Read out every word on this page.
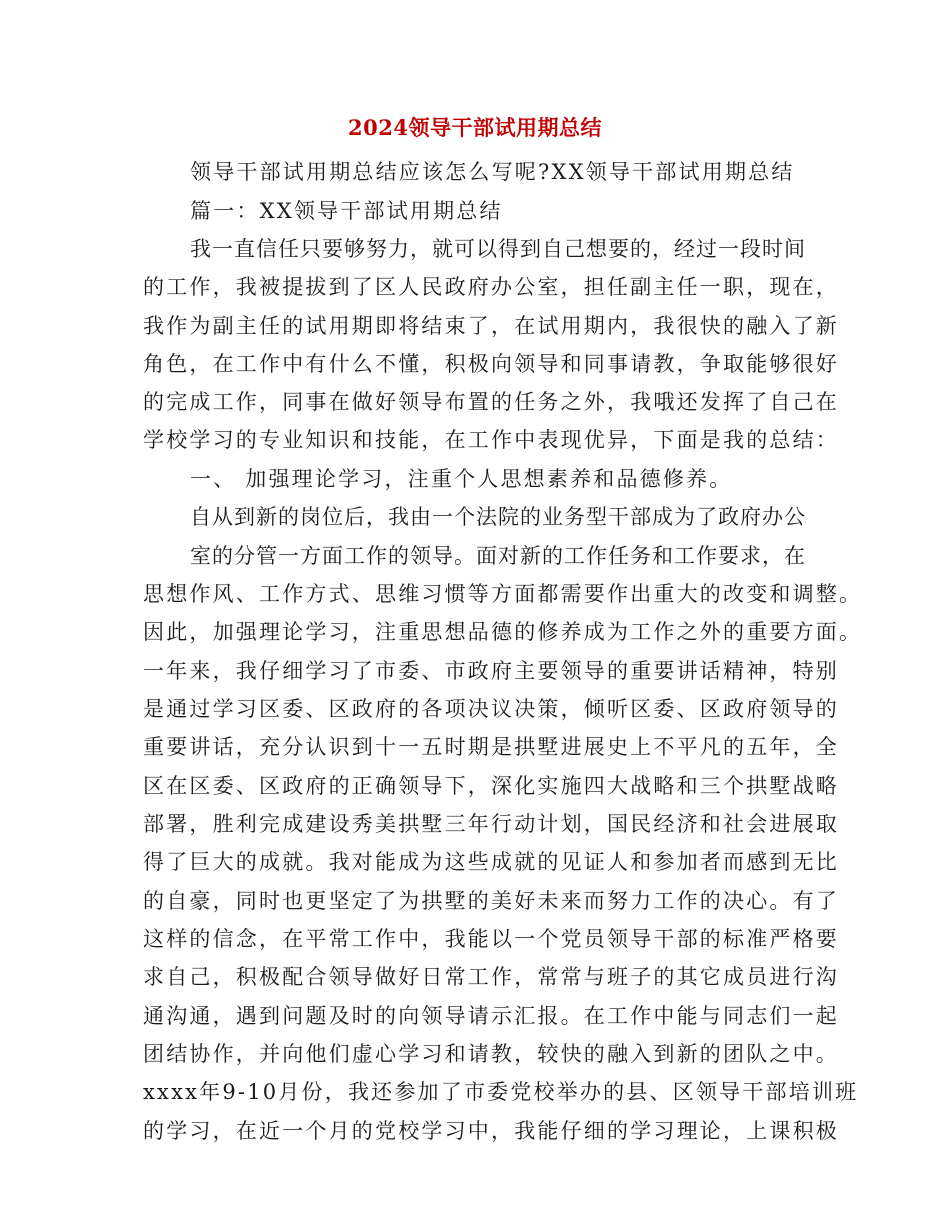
2024领导干部试用期总结
领导干部试用期总结应该怎么写呢?XX领导干部试用期总结
篇一：XX领导干部试用期总结
我一直信任只要够努力，就可以得到自己想要的，经过一段时间
的工作，我被提拔到了区人民政府办公室，担任副主任一职，现在，
我作为副主任的试用期即将结束了，在试用期内，我很快的融入了新
角色，在工作中有什么不懂，积极向领导和同事请教，争取能够很好
的完成工作，同事在做好领导布置的任务之外，我哦还发挥了自己在
学校学习的专业知识和技能，在工作中表现优异，下面是我的总结：
一、 加强理论学习，注重个人思想素养和品德修养。
自从到新的岗位后，我由一个法院的业务型干部成为了政府办公
室的分管一方面工作的领导。面对新的工作任务和工作要求，在
思想作风、工作方式、思维习惯等方面都需要作出重大的改变和调整。
因此，加强理论学习，注重思想品德的修养成为工作之外的重要方面。
一年来，我仔细学习了市委、市政府主要领导的重要讲话精神，特别
是通过学习区委、区政府的各项决议决策，倾听区委、区政府领导的
重要讲话，充分认识到十一五时期是拱墅进展史上不平凡的五年，全
区在区委、区政府的正确领导下，深化实施四大战略和三个拱墅战略
部署，胜利完成建设秀美拱墅三年行动计划，国民经济和社会进展取
得了巨大的成就。我对能成为这些成就的见证人和参加者而感到无比
的自豪，同时也更坚定了为拱墅的美好未来而努力工作的决心。有了
这样的信念，在平常工作中，我能以一个党员领导干部的标准严格要
求自己，积极配合领导做好日常工作，常常与班子的其它成员进行沟
通沟通，遇到问题及时的向领导请示汇报。在工作中能与同志们一起
团结协作，并向他们虚心学习和请教，较快的融入到新的团队之中。
xxxx年9-10月份，我还参加了市委党校举办的县、区领导干部培训班
的学习，在近一个月的党校学习中，我能仔细的学习理论，上课积极
